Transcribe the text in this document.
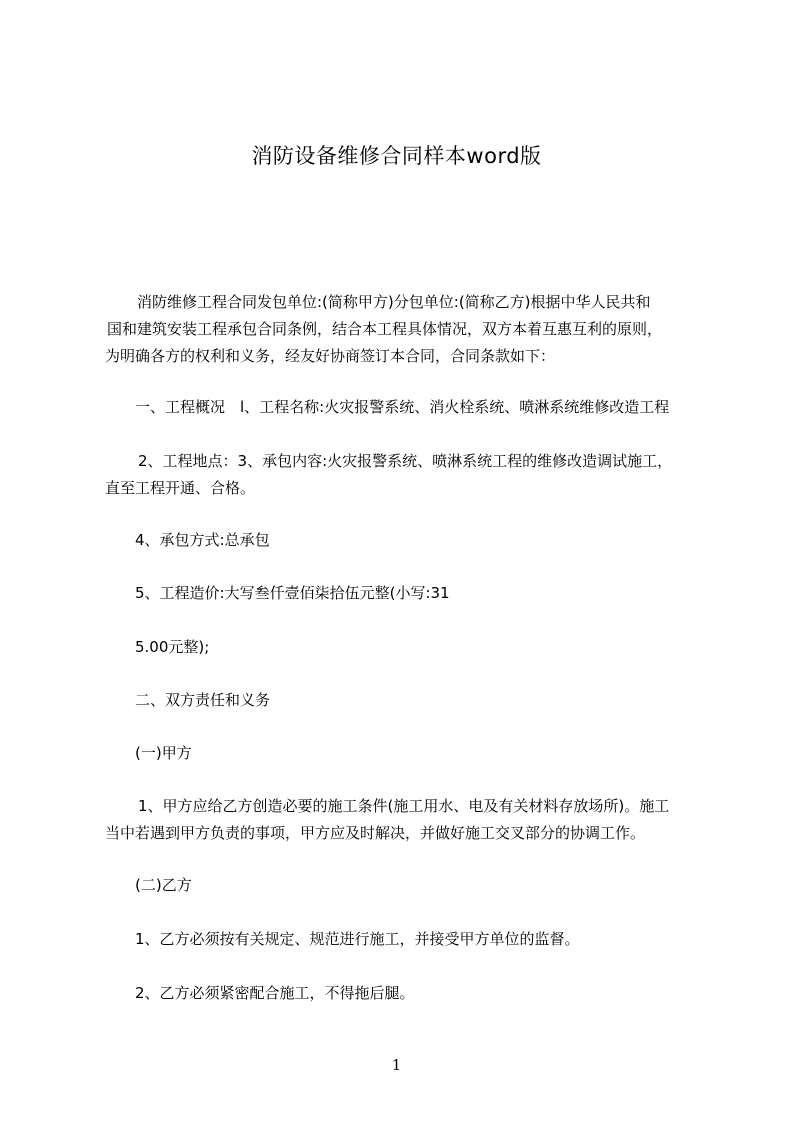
消防设备维修合同样本word版
消防维修工程合同发包单位:(简称甲方)分包单位:(简称乙方)根据中华人民共和
国和建筑安装工程承包合同条例，结合本工程具体情况，双方本着互惠互利的原则，
为明确各方的权利和义务，经友好协商签订本合同，合同条款如下：
一、工程概况　l、工程名称:火灾报警系统、消火栓系统、喷淋系统维修改造工程
2、工程地点：3、承包内容:火灾报警系统、喷淋系统工程的维修改造调试施工，
直至工程开通、合格。
4、承包方式:总承包
5、工程造价:大写叁仟壹佰柒拾伍元整(小写:31
5.00元整);
二、双方责任和义务
(一)甲方
1、甲方应给乙方创造必要的施工条件(施工用水、电及有关材料存放场所)。施工
当中若遇到甲方负责的事项，甲方应及时解决，并做好施工交叉部分的协调工作。
(二)乙方
1、乙方必须按有关规定、规范进行施工，并接受甲方单位的监督。
2、乙方必须紧密配合施工，不得拖后腿。
1
